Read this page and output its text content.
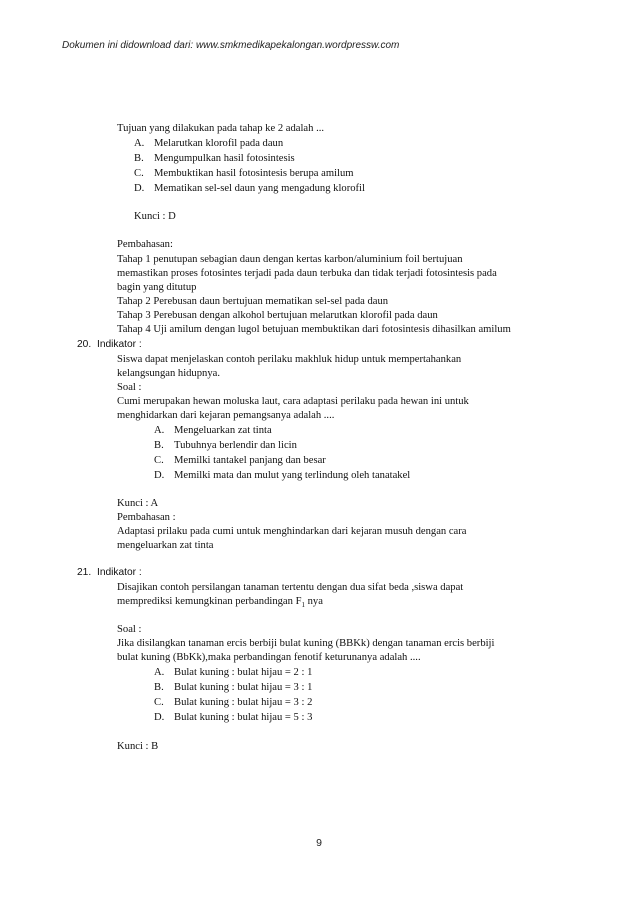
Dokumen ini didownload dari: www.smkmedikapekalongan.wordpressw.com
Tujuan yang dilakukan pada tahap ke 2 adalah ...
A. Melarutkan klorofil pada daun
B. Mengumpulkan hasil fotosintesis
C. Membuktikan hasil fotosintesis berupa amilum
D. Mematikan sel-sel daun yang mengadung klorofil
Kunci : D
Pembahasan:
Tahap 1 penutupan sebagian daun dengan kertas karbon/aluminium foil bertujuan
memastikan proses fotosintes terjadi pada daun terbuka dan tidak terjadi fotosintesis pada
bagin yang ditutup
Tahap 2 Perebusan daun bertujuan mematikan sel-sel pada daun
Tahap 3 Perebusan dengan alkohol bertujuan melarutkan klorofil pada daun
Tahap 4 Uji amilum dengan lugol betujuan membuktikan dari fotosintesis dihasilkan amilum
20. Indikator :
Siswa dapat menjelaskan contoh perilaku makhluk hidup untuk mempertahankan
kelangsungan hidupnya.
Soal :
Cumi merupakan hewan moluska laut, cara adaptasi perilaku pada hewan ini untuk
menghidarkan dari kejaran pemangsanya adalah ....
A. Mengeluarkan zat tinta
B. Tubuhnya berlendir dan licin
C. Memilki tantakel panjang dan besar
D. Memilki mata dan mulut yang terlindung oleh tanatakel
Kunci : A
Pembahasan :
Adaptasi prilaku pada cumi untuk menghindarkan dari kejaran musuh dengan cara
mengeluarkan zat tinta
21. Indikator :
Disajikan contoh persilangan tanaman tertentu dengan dua sifat beda ,siswa dapat
memprediksi kemungkinan perbandingan $F_1$ nya
Soal :
Jika disilangkan tanaman ercis berbiji bulat kuning (BBKk) dengan tanaman ercis berbiji
bulat kuning (BbKk),maka perbandingan fenotif keturunanya adalah ....
A. Bulat kuning : bulat hijau = 2 : 1
B. Bulat kuning : bulat hijau = 3 : 1
C. Bulat kuning : bulat hijau = 3 : 2
D. Bulat kuning : bulat hijau = 5 : 3
Kunci : B
9
